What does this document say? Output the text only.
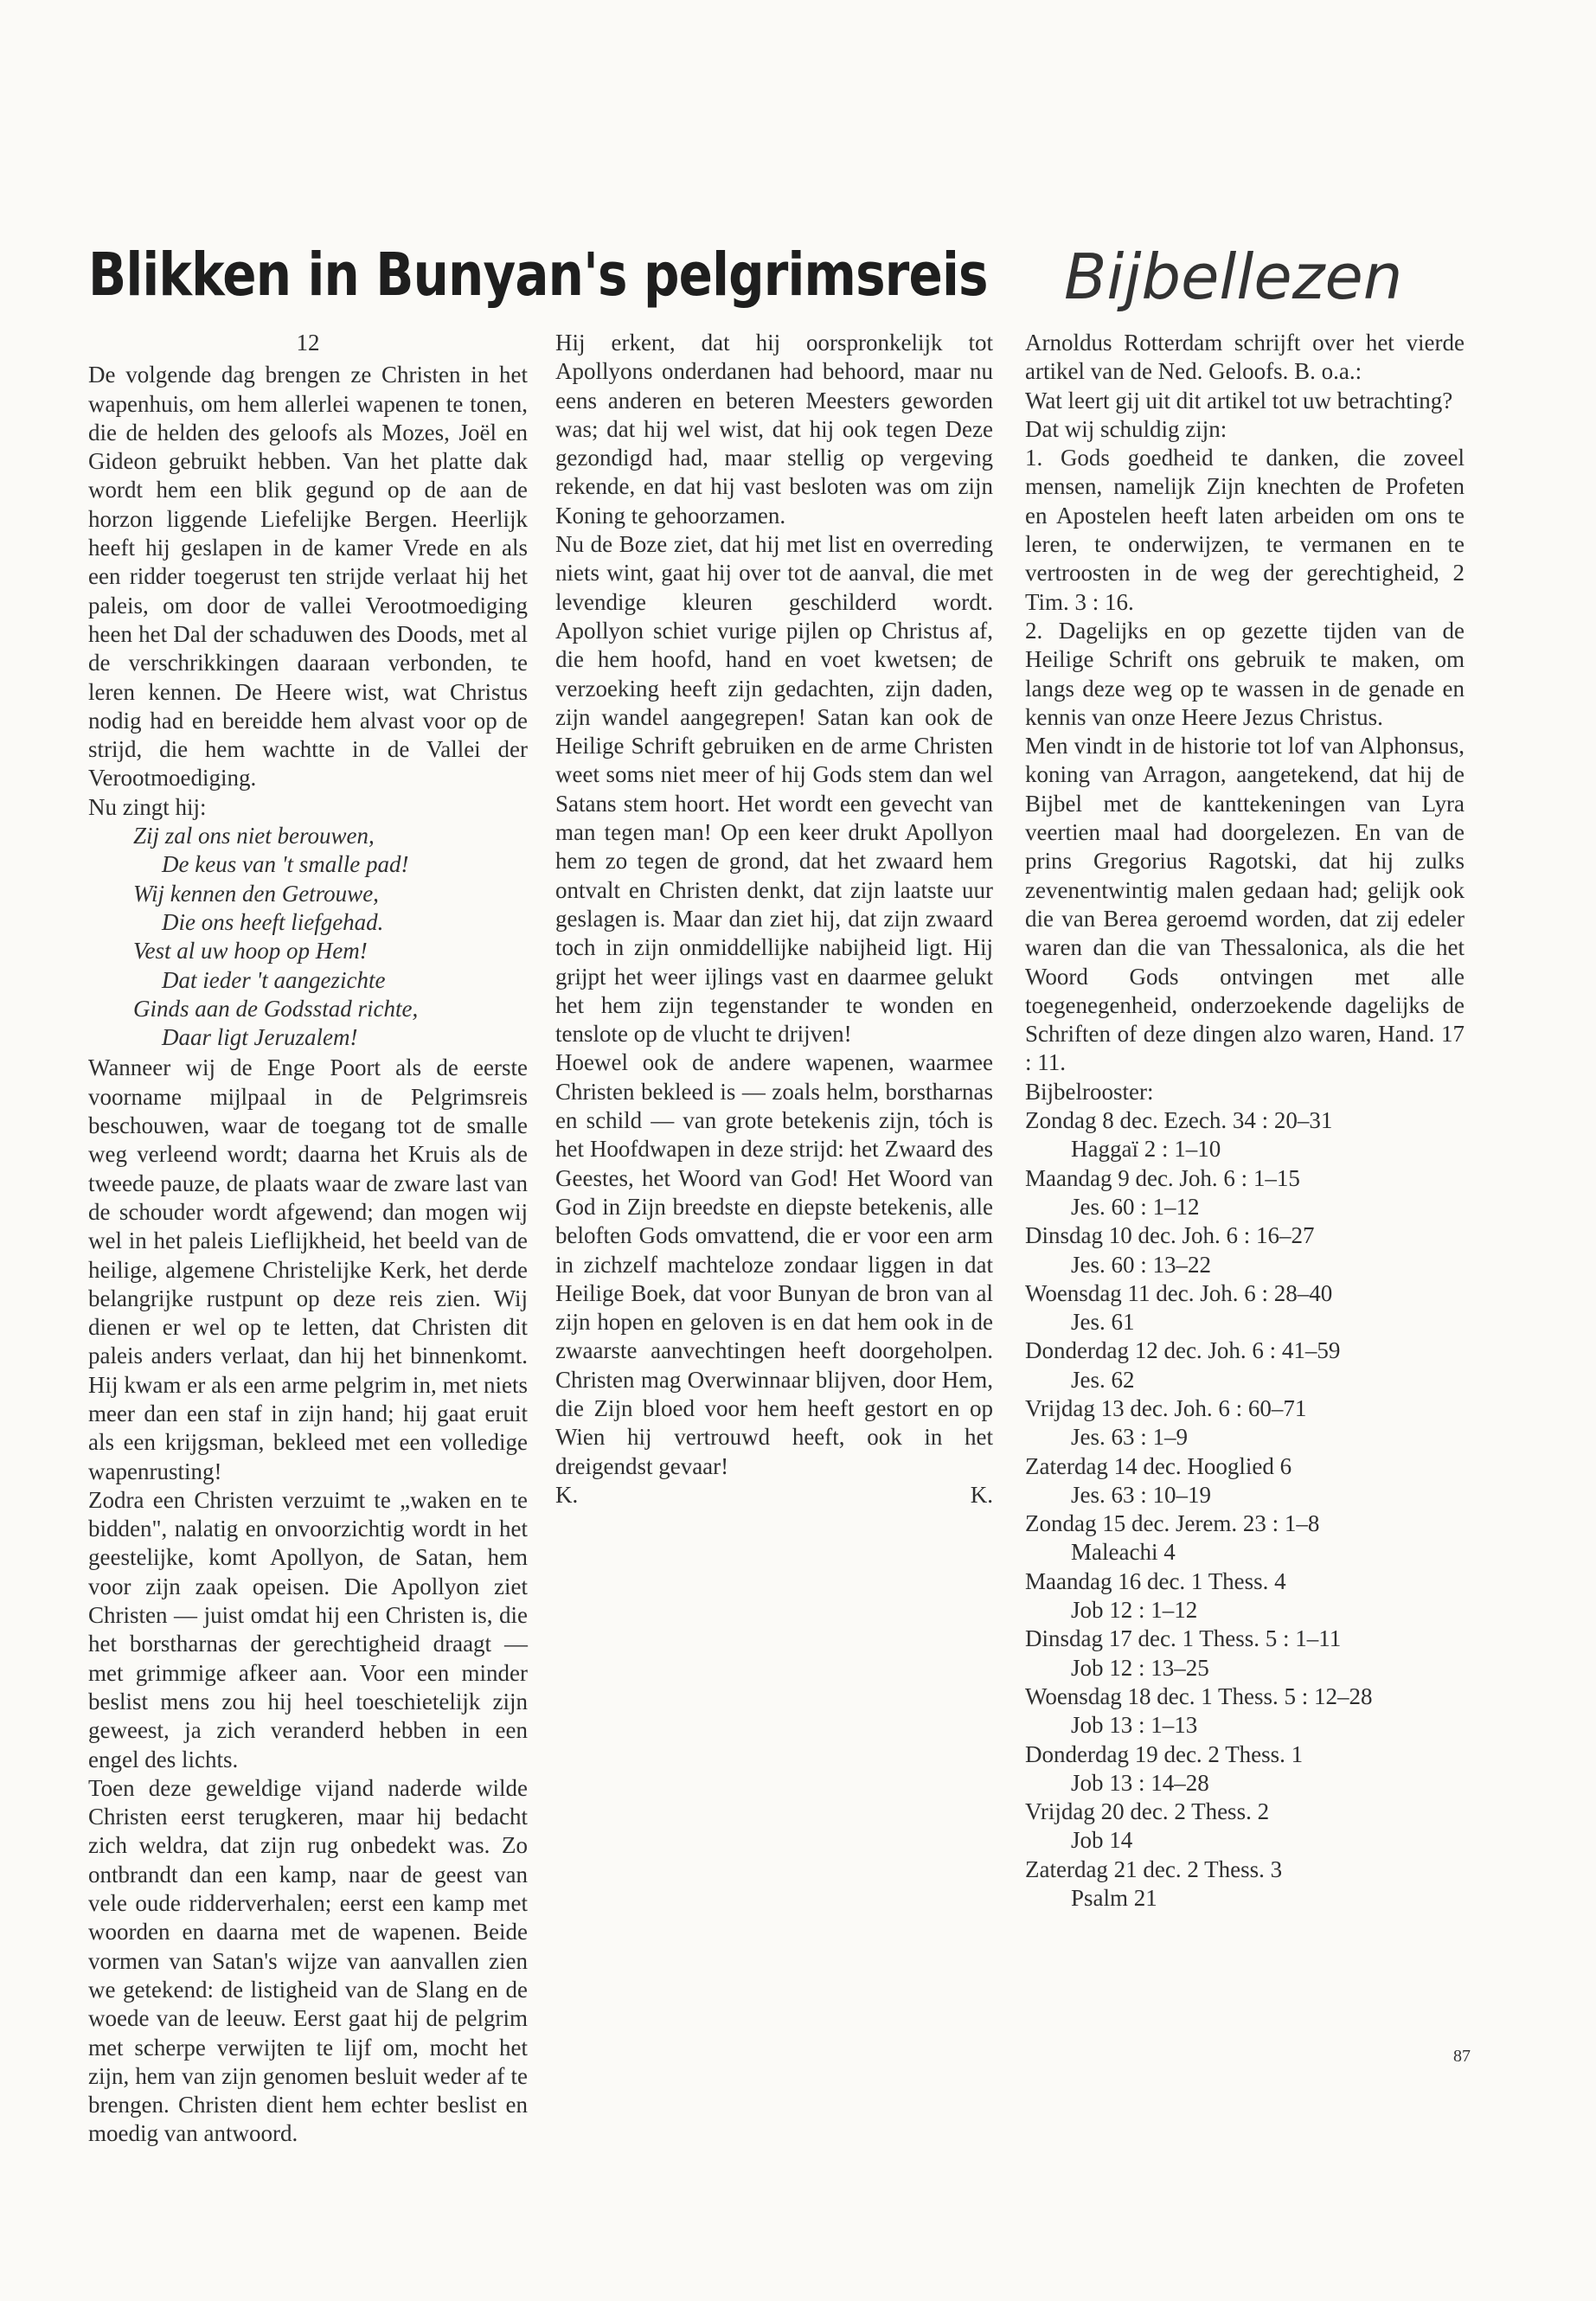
Blikken in Bunyan's pelgrimsreis Bijbellezen

12

De volgende dag brengen ze Christen in het wapenhuis, om hem allerlei wapenen te tonen, die de helden des geloofs als Mozes, Joël en Gideon gebruikt hebben. Van het platte dak wordt hem een blik gegund op de aan de horzon liggende Liefelijke Bergen. Heerlijk heeft hij geslapen in de kamer Vrede en als een ridder toegerust ten strijde verlaat hij het paleis, om door de vallei Verootmoediging heen het Dal der schaduwen des Doods, met al de verschrikkingen daaraan verbonden, te leren kennen. De Heere wist, wat Christus nodig had en bereidde hem alvast voor op de strijd, die hem wachtte in de Vallei der Verootmoediging.

Nu zingt hij:

Zij zal ons niet berouwen,
De keus van 't smalle pad!
Wij kennen den Getrouwe,
Die ons heeft liefgehad.
Vest al uw hoop op Hem!
Dat ieder 't aangezichte
Ginds aan de Godsstad richte,
Daar ligt Jeruzalem!

Wanneer wij de Enge Poort als de eerste voorname mijlpaal in de Pelgrimsreis beschouwen, waar de toegang tot de smalle weg verleend wordt; daarna het Kruis als de tweede pauze, de plaats waar de zware last van de schouder wordt afgewend; dan mogen wij wel in het paleis Lieflijkheid, het beeld van de heilige, algemene Christelijke Kerk, het derde belangrijke rustpunt op deze reis zien. Wij dienen er wel op te letten, dat Christen dit paleis anders verlaat, dan hij het binnenkomt. Hij kwam er als een arme pelgrim in, met niets meer dan een staf in zijn hand; hij gaat eruit als een krijgsman, bekleed met een volledige wapenrusting!

Zodra een Christen verzuimt te „waken en te bidden", nalatig en onvoorzichtig wordt in het geestelijke, komt Apollyon, de Satan, hem voor zijn zaak opeisen. Die Apollyon ziet Christen — juist omdat hij een Christen is, die het borstharnas der gerechtigheid draagt — met grimmige afkeer aan. Voor een minder beslist mens zou hij heel toeschietelijk zijn geweest, ja zich veranderd hebben in een engel des lichts.

Toen deze geweldige vijand naderde wilde Christen eerst terugkeren, maar hij bedacht zich weldra, dat zijn rug onbedekt was. Zo ontbrandt dan een kamp, naar de geest van vele oude ridderverhalen; eerst een kamp met woorden en daarna met de wapenen. Beide vormen van Satan's wijze van aanvallen zien we getekend: de listigheid van de Slang en de woede van de leeuw. Eerst gaat hij de pelgrim met scherpe verwijten te lijf om, mocht het zijn, hem van zijn genomen besluit weder af te brengen. Christen dient hem echter beslist en moedig van antwoord.

Hij erkent, dat hij oorspronkelijk tot Apollyons onderdanen had behoord, maar nu eens anderen en beteren Meesters geworden was; dat hij wel wist, dat hij ook tegen Deze gezondigd had, maar stellig op vergeving rekende, en dat hij vast besloten was om zijn Koning te gehoorzamen.

Nu de Boze ziet, dat hij met list en overreding niets wint, gaat hij over tot de aanval, die met levendige kleuren geschilderd wordt. Apollyon schiet vurige pijlen op Christus af, die hem hoofd, hand en voet kwetsen; de verzoeking heeft zijn gedachten, zijn daden, zijn wandel aangegrepen! Satan kan ook de Heilige Schrift gebruiken en de arme Christen weet soms niet meer of hij Gods stem dan wel Satans stem hoort. Het wordt een gevecht van man tegen man! Op een keer drukt Apollyon hem zo tegen de grond, dat het zwaard hem ontvalt en Christen denkt, dat zijn laatste uur geslagen is. Maar dan ziet hij, dat zijn zwaard toch in zijn onmiddellijke nabijheid ligt. Hij grijpt het weer ijlings vast en daarmee gelukt het hem zijn tegenstander te wonden en tenslote op de vlucht te drijven!

Hoewel ook de andere wapenen, waarmee Christen bekleed is — zoals helm, borstharnas en schild — van grote betekenis zijn, tóch is het Hoofdwapen in deze strijd: het Zwaard des Geestes, het Woord van God! Het Woord van God in Zijn breedste en diepste betekenis, alle beloften Gods omvattend, die er voor een arm in zichzelf machteloze zondaar liggen in dat Heilige Boek, dat voor Bunyan de bron van al zijn hopen en geloven is en dat hem ook in de zwaarste aanvechtingen heeft doorgeholpen. Christen mag Overwinnaar blijven, door Hem, die Zijn bloed voor hem heeft gestort en op Wien hij vertrouwd heeft, ook in het dreigendst gevaar!

K.	K.

Arnoldus Rotterdam schrijft over het vierde artikel van de Ned. Geloofs. B. o.a.:

Wat leert gij uit dit artikel tot uw betrachting?

Dat wij schuldig zijn:

1. Gods goedheid te danken, die zoveel mensen, namelijk Zijn knechten de Profeten en Apostelen heeft laten arbeiden om ons te leren, te onderwijzen, te vermanen en te vertroosten in de weg der gerechtigheid, 2 Tim. 3 : 16.

2. Dagelijks en op gezette tijden van de Heilige Schrift ons gebruik te maken, om langs deze weg op te wassen in de genade en kennis van onze Heere Jezus Christus.

Men vindt in de historie tot lof van Alphonsus, koning van Arragon, aangetekend, dat hij de Bijbel met de kanttekeningen van Lyra veertien maal had doorgelezen. En van de prins Gregorius Ragotski, dat hij zulks zevenentwintig malen gedaan had; gelijk ook die van Berea geroemd worden, dat zij edeler waren dan die van Thessalonica, als die het Woord Gods ontvingen met alle toegenegenheid, onderzoekende dagelijks de Schriften of deze dingen alzo waren, Hand. 17 : 11.

Bijbelrooster:

Zondag 8 dec. Ezech. 34 : 20–31

Haggaï 2 : 1–10

Maandag 9 dec. Joh. 6 : 1–15

Jes. 60 : 1–12

Dinsdag 10 dec. Joh. 6 : 16–27

Jes. 60 : 13–22

Woensdag 11 dec. Joh. 6 : 28–40

Jes. 61

Donderdag 12 dec. Joh. 6 : 41–59

Jes. 62

Vrijdag 13 dec. Joh. 6 : 60–71

Jes. 63 : 1–9

Zaterdag 14 dec. Hooglied 6

Jes. 63 : 10–19

Zondag 15 dec. Jerem. 23 : 1–8

Maleachi 4

Maandag 16 dec. 1 Thess. 4

Job 12 : 1–12

Dinsdag 17 dec. 1 Thess. 5 : 1–11

Job 12 : 13–25

Woensdag 18 dec. 1 Thess. 5 : 12–28

Job 13 : 1–13

Donderdag 19 dec. 2 Thess. 1

Job 13 : 14–28

Vrijdag 20 dec. 2 Thess. 2

Job 14

Zaterdag 21 dec. 2 Thess. 3

Psalm 21

87
